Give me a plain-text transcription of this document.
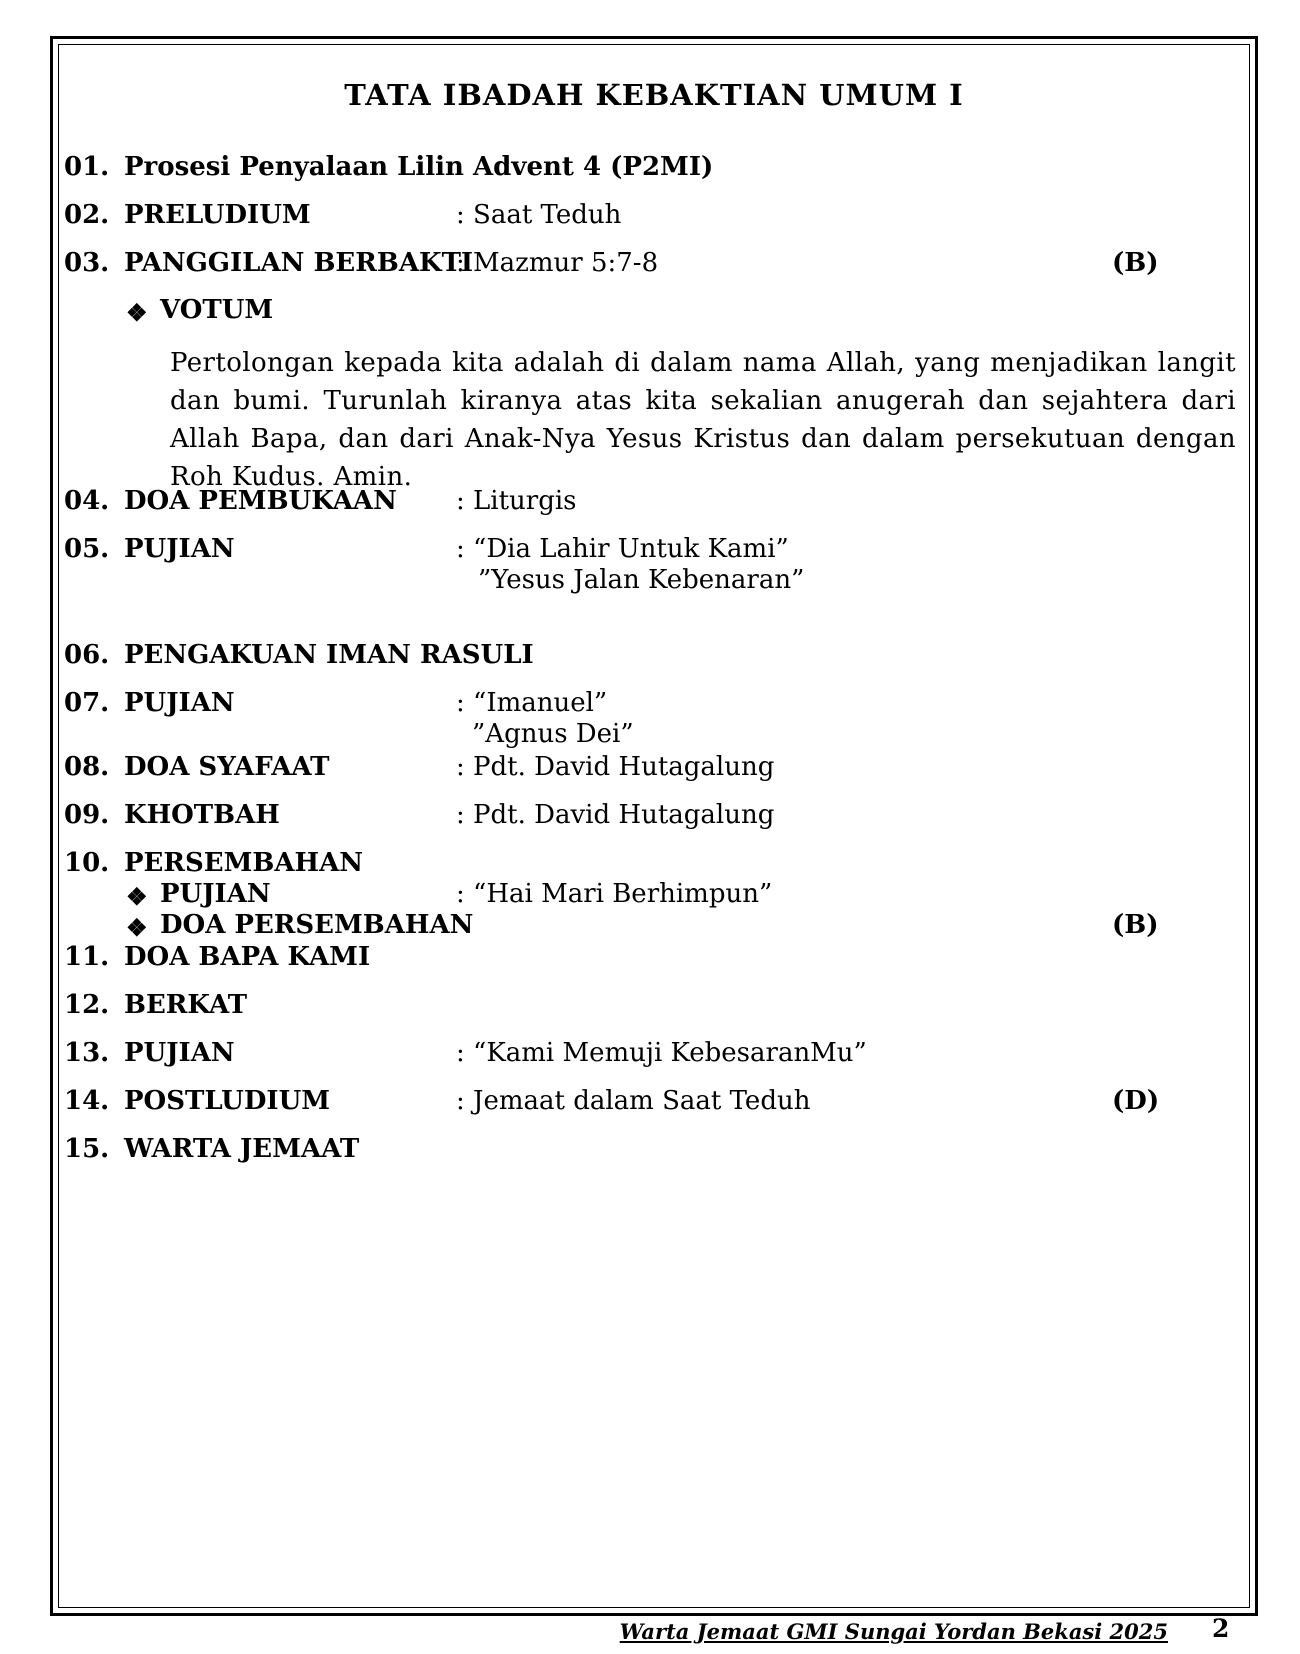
TATA IBADAH KEBAKTIAN UMUM I
01. Prosesi Penyalaan Lilin Advent 4 (P2MI)
02. PRELUDIUM	: Saat Teduh
03. PANGGILAN BERBAKTI
: Mazmur 5:7-8	(B)
❖ VOTUM
Pertolongan kepada kita adalah di dalam nama Allah, yang menjadikan langit dan bumi. Turunlah kiranya atas kita sekalian anugerah dan sejahtera dari Allah Bapa, dan dari Anak-Nya Yesus Kristus dan dalam persekutuan dengan Roh Kudus. Amin.
04. DOA PEMBUKAAN : Liturgis
05. PUJIAN	: “Dia Lahir Untuk Kami”
”Yesus Jalan Kebenaran”
06. PENGAKUAN IMAN RASULI
07. PUJIAN	: “Imanuel”
”Agnus Dei”
08. DOA SYAFAAT	: Pdt. David Hutagalung
09. KHOTBAH	: Pdt. David Hutagalung
10. PERSEMBAHAN
❖ PUJIAN	: “Hai Mari Berhimpun”
❖ DOA PERSEMBAHAN	(B)
11. DOA BAPA KAMI
12. BERKAT
13. PUJIAN	: “Kami Memuji KebesaranMu”
14. POSTLUDIUM	: Jemaat dalam Saat Teduh	(D)
15. WARTA JEMAAT
Warta Jemaat GMI Sungai Yordan Bekasi 2025 2
